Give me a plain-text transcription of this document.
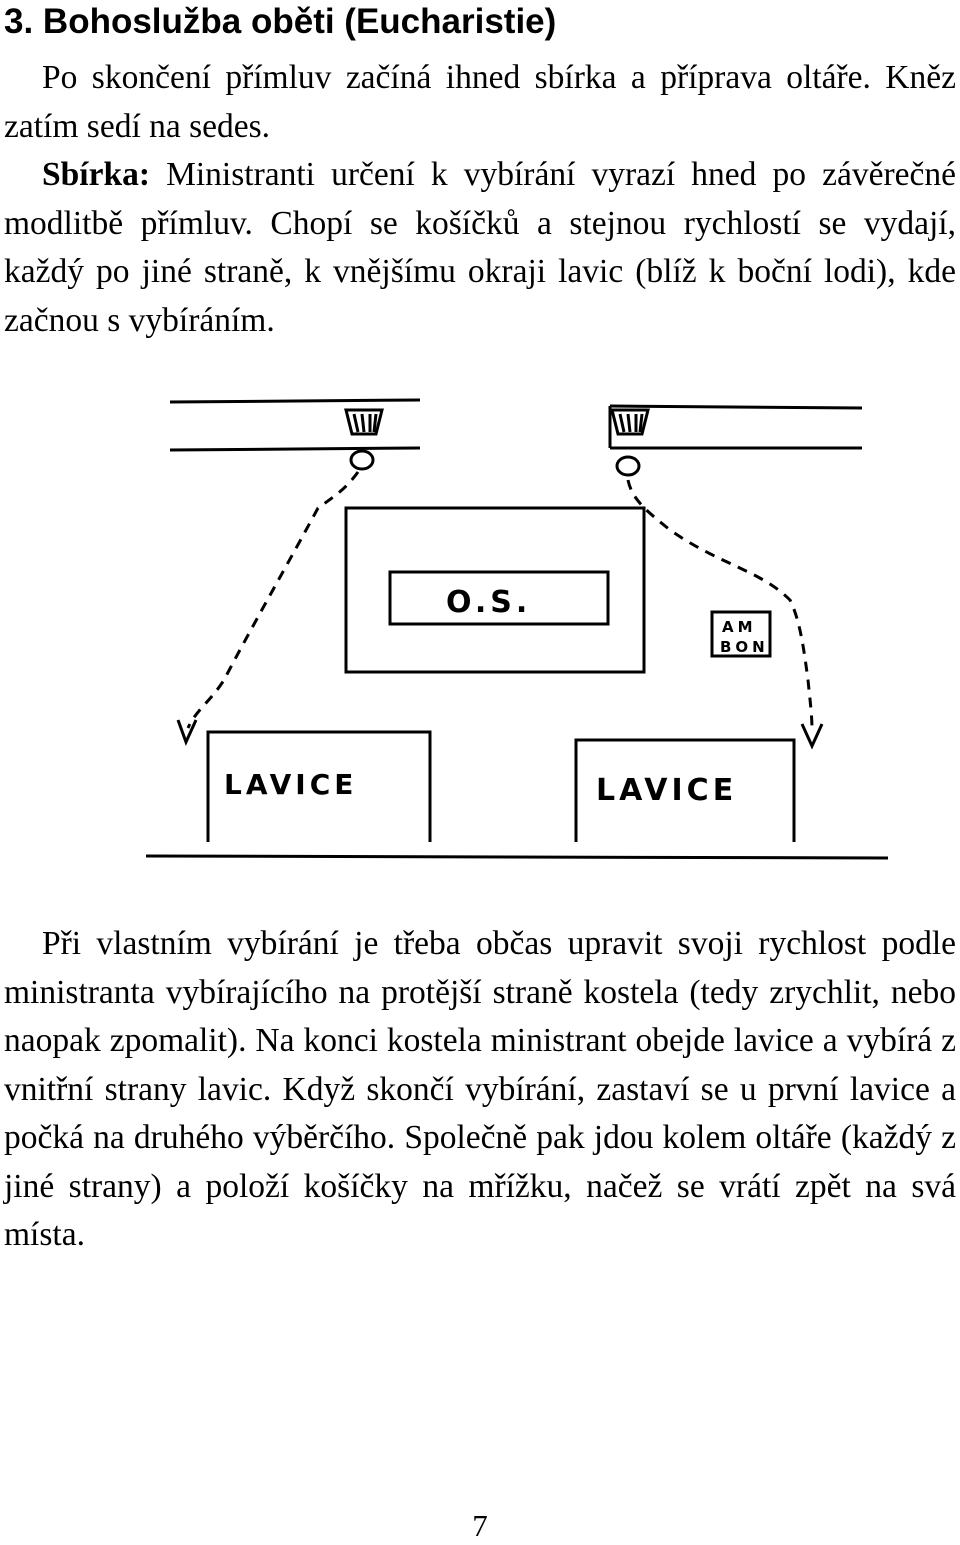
3. Bohoslužba oběti (Eucharistie)
Po skončení přímluv začíná ihned sbírka a příprava oltáře. Kněz zatím sedí na sedes.
Sbírka: Ministranti určení k vybírání vyrazí hned po závěrečné modlitbě přímluv. Chopí se košíčků a stejnou rychlostí se vydají, každý po jiné straně, k vnějšímu okraji lavic (blíž k boční lodi), kde začnou s vybíráním.
O.S.
AM
BON
LAVICE	LAVICE

Při vlastním vybírání je třeba občas upravit svoji rychlost podle ministranta vybírajícího na protější straně kostela (tedy zrychlit, nebo naopak zpomalit). Na konci kostela ministrant obejde lavice a vybírá z vnitřní strany lavic. Když skončí vybírání, zastaví se u první lavice a počká na druhého výběrčího. Společně pak jdou kolem oltáře (každý z jiné strany) a položí košíčky na mřížku, načež se vrátí zpět na svá místa.

7
